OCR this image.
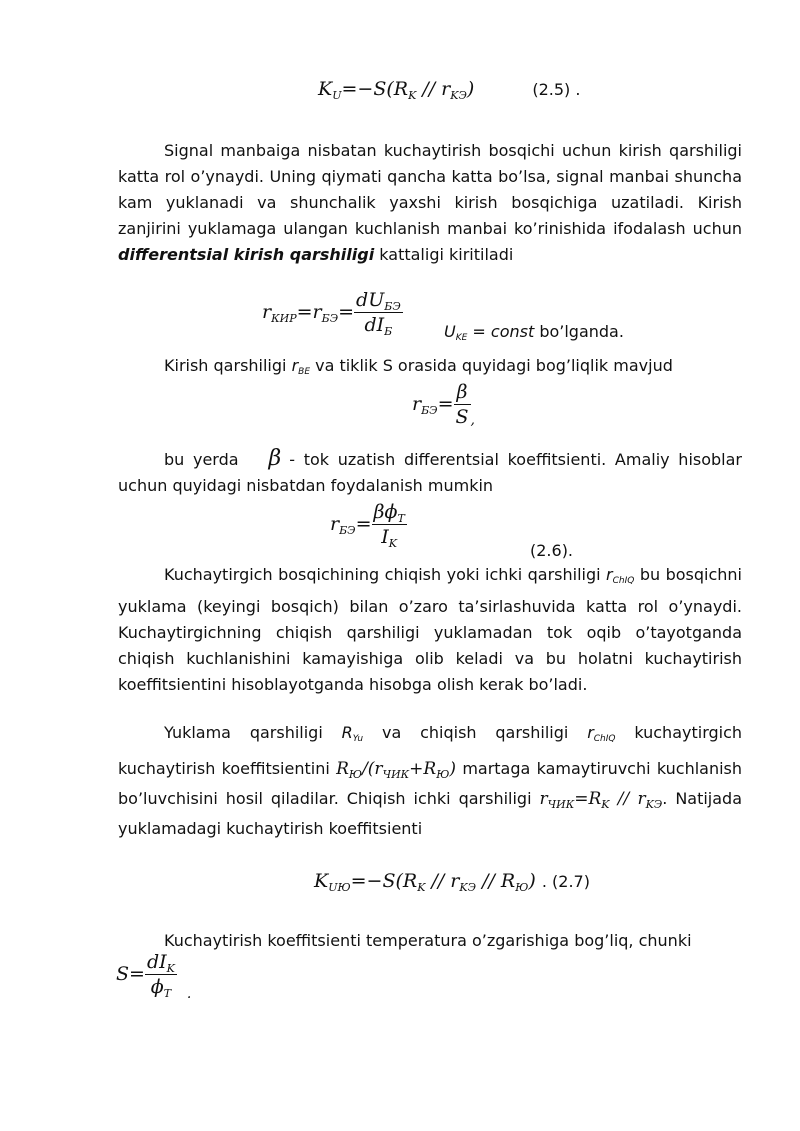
$K_U=-S(R_K // r_{KЭ})$	(2.5) .

Signal manbaiga nisbatan kuchaytirish bosqichi uchun kirish qarshiligi katta rol o’ynaydi. Uning qiymati qancha katta bo’lsa, signal manbai shuncha kam yuklanadi va shunchalik yaxshi kirish bosqichiga uzatiladi. Kirish zanjirini yuklamaga ulangan kuchlanish manbai ko’rinishida ifodalash uchun differentsial kirish qarshiligi kattaligi kiritiladi

$r_{КИР}=r_{БЭ}= \frac{dU_{БЭ}}{dI_Б}$	UKE = const bo’lganda.

Kirish qarshiligi rBE va tiklik S orasida quyidagi bog’liqlik mavjud

$r_{БЭ}= \frac{\beta}{S} _,$

bu yerda β - tok uzatish differentsial koeffitsienti. Amaliy hisoblar uchun quyidagi nisbatdan foydalanish mumkin

$r_{БЭ}= \frac{\beta\phi_T}{I_K}$
(2.6).

Kuchaytirgich bosqichining chiqish yoki ichki qarshiligi rChIQ bu bosqichni yuklama (keyingi bosqich) bilan o’zaro ta’sirlashuvida katta rol o’ynaydi. Kuchaytirgichning chiqish qarshiligi yuklamadan tok oqib o’tayotganda chiqish kuchlanishini kamayishiga olib keladi va bu holatni kuchaytirish koeffitsientini hisoblayotganda hisobga olish kerak bo’ladi.

Yuklama qarshiligi RYu va chiqish qarshiligi rChIQ kuchaytirgich kuchaytirish koeffitsientini $R_Ю/(r_{ЧИК}+R_Ю)$ martaga kamaytiruvchi kuchlanish bo’luvchisini hosil qiladilar. Chiqish ichki qarshiligi $r_{ЧИК}=R_K // r_{KЭ}$. Natijada yuklamadagi kuchaytirish koeffitsienti

$K_{UЮ}=-S(R_K // r_{KЭ} // R_Ю)$ . (2.7)

Kuchaytirish koeffitsienti temperatura o’zgarishiga bog’liq, chunki

$S= \frac{dI_K}{\phi_T} _.$
